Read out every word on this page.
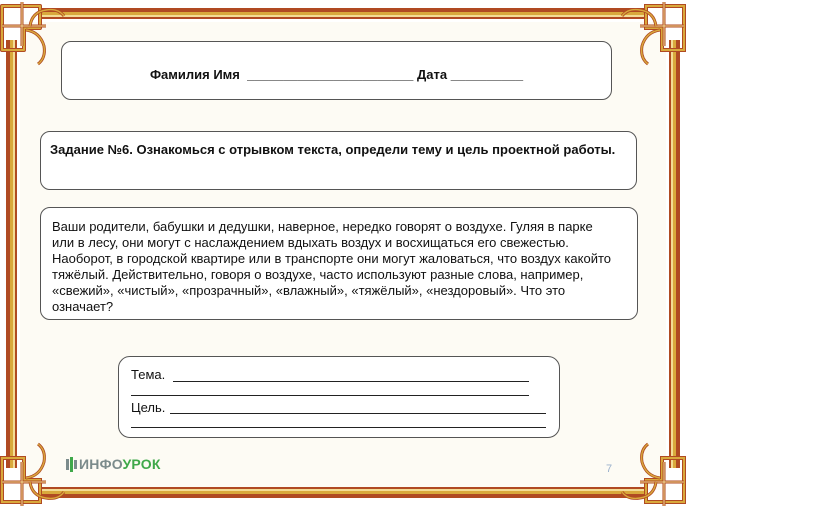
Фамилия Имя _______________________ Дата __________
Задание №6. Ознакомься с отрывком текста, определи тему и цель проектной работы.
Ваши родители, бабушки и дедушки, наверное, нередко говорят о воздухе. Гуляя в парке
или в лесу, они могут с наслаждением вдыхать воздух и восхищаться его свежестью.
Наоборот, в городской квартире или в транспорте они могут жаловаться, что воздух какойто
тяжёлый. Действительно, говоря о воздухе, часто используют разные слова, например,
«свежий», «чистый», «прозрачный», «влажный», «тяжёлый», «нездоровый». Что это
означает?
Тема.
Цель.
ИНФОУРОК	7
